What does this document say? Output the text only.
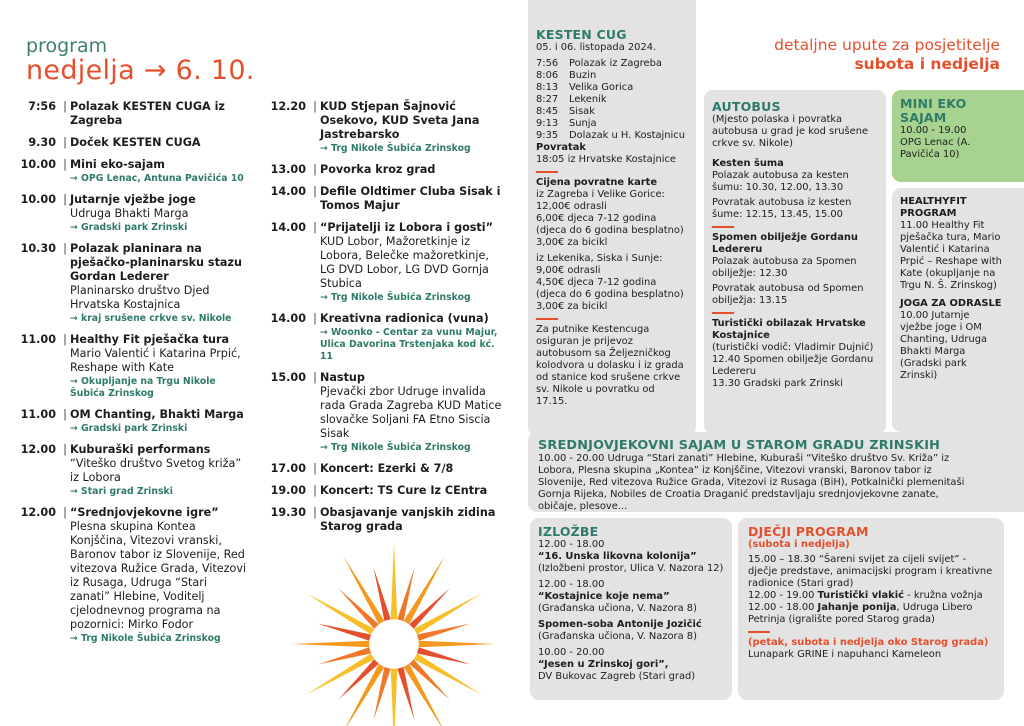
program
nedjelja → 6. 10.
7:56 | Polazak KESTEN CUGA iz Zagreba
9.30 | Doček KESTEN CUGA
10.00 | Mini eko-sajam
→ OPG Lenac, Antuna Pavičića 10
10.00 | Jutarnje vježbe joge
Udruga Bhakti Marga
→ Gradski park Zrinski
10.30 | Polazak planinara na pješačko-planinarsku stazu Gordan Lederer
Planinarsko društvo Djed Hrvatska Kostajnica
→ kraj srušene crkve sv. Nikole
11.00 | Healthy Fit pješačka tura
Mario Valentić i Katarina Prpić, Reshape with Kate
→ Okupljanje na Trgu Nikole Šubića Zrinskog
11.00 | OM Chanting, Bhakti Marga
→ Gradski park Zrinski
12.00 | Kuburaški performans
“Viteško društvo Svetog križa” iz Lobora
→ Stari grad Zrinski
12.00 | “Srednjovjekovne igre”
Plesna skupina Kontea Konjščina, Vitezovi vranski, Baronov tabor iz Slovenije, Red vitezova Ružice Grada, Vitezovi iz Rusaga, Udruga “Stari zanati” Hlebine, Voditelj cjelodnevnog programa na pozornici: Mirko Fodor
→ Trg Nikole Šubića Zrinskog
12.20 | KUD Stjepan Šajnović Osekovo, KUD Sveta Jana Jastrebarsko
→ Trg Nikole Šubića Zrinskog
13.00 | Povorka kroz grad
14.00 | Defile Oldtimer Cluba Sisak i Tomos Majur
14.00 | “Prijatelji iz Lobora i gosti”
KUD Lobor, Mažoretkinje iz Lobora, Belečke mažoretkinje, LG DVD Lobor, LG DVD Gornja Stubica
→ Trg Nikole Šubića Zrinskog
14.00 | Kreativna radionica (vuna)
→ Woonko - Centar za vunu Majur, Ulica Davorina Trstenjaka kod kć. 11
15.00 | Nastup
Pjevački zbor Udruge invalida rada Grada Zagreba KUD Matice slovačke Soljani FA Etno Siscia Sisak
→ Trg Nikole Šubića Zrinskog
17.00 | Koncert: Ezerki & 7/8
19.00 | Koncert: TS Cure Iz CEntra
19.30 | Obasjavanje vanjskih zidina Starog grada
KESTEN CUG
05. i 06. listopada 2024.
7:56	Polazak iz Zagreba
8:06	Buzin
8:13	Velika Gorica
8:27	Lekenik
8:45	Sisak
9:13	Sunja
9:35	Dolazak u H. Kostajnicu
Povratak
18:05 iz Hrvatske Kostajnice
Cijena povratne karte
iz Zagreba i Velike Gorice:
12,00€ odrasli
6,00€ djeca 7-12 godina
(djeca do 6 godina besplatno)
3,00€ za bicikl
iz Lekenika, Siska i Sunje:
9,00€ odrasli
4,50€ djeca 7-12 godina
(djeca do 6 godina besplatno)
3,00€ za bicikl
Za putnike Kestencuga osiguran je prijevoz autobusom sa Željezničkog kolodvora u dolasku i iz grada od stanice kod srušene crkve sv. Nikole u povratku od 17.15.
detaljne upute za posjetitelje
subota i nedjelja
AUTOBUS
(Mjesto polaska i povratka autobusa u grad je kod srušene crkve sv. Nikole)
Kesten šuma
Polazak autobusa za kesten šumu: 10.30, 12.00, 13.30
Povratak autobusa iz kesten šume: 12.15, 13.45, 15.00
Spomen obilježje Gordanu Ledereru
Polazak autobusa za Spomen obilježje: 12.30
Povratak autobusa od Spomen obilježja: 13.15
Turistički obilazak Hrvatske Kostajnice
(turistički vodič: Vladimir Dujnić)
12.40 Spomen obilježje Gordanu Ledereru
13.30 Gradski park Zrinski
MINI EKO SAJAM
10.00 - 19.00
OPG Lenac (A. Pavičića 10)
HEALTHYFIT PROGRAM
11.00 Healthy Fit pješačka tura, Mario Valentić i Katarina Prpić – Reshape with Kate (okupljanje na Trgu N. Š. Zrinskog)
JOGA ZA ODRASLE
10.00 Jutarnje vježbe joge i OM Chanting, Udruga Bhakti Marga (Gradski park Zrinski)
SREDNJOVJEKOVNI SAJAM U STAROM GRADU ZRINSKIH
10.00 - 20.00 Udruga “Stari zanati” Hlebine, Kuburaši “Viteško društvo Sv. Križa” iz Lobora, Plesna skupina „Kontea” iz Konjščine, Vitezovi vranski, Baronov tabor iz Slovenije, Red vitezova Ružice Grada, Vitezovi iz Rusaga (BiH), Potkalnički plemenitaši Gornja Rijeka, Nobiles de Croatia Draganić predstavljaju srednjovjekovne zanate, običaje, plesove...
IZLOŽBE
12.00 - 18.00
“16. Unska likovna kolonija”
(Izložbeni prostor, Ulica V. Nazora 12)
12.00 - 18.00
“Kostajnice koje nema”
(Građanska učiona, V. Nazora 8)
Spomen-soba Antonije Jozičić
(Građanska učiona, V. Nazora 8)
10.00 - 20.00
“Jesen u Zrinskoj gori”,
DV Bukovac Zagreb (Stari grad)
DJEČJI PROGRAM
(subota i nedjelja)
15.00 – 18.30 “Šareni svijet za cijeli svijet” - dječje predstave, animacijski program i kreativne radionice (Stari grad)
12.00 - 19.00 Turistički vlakić - kružna vožnja
12.00 - 18.00 Jahanje ponija, Udruga Libero Petrinja (igralište pored Starog grada)
(petak, subota i nedjelja oko Starog grada)
Lunapark GRINE i napuhanci Kameleon
